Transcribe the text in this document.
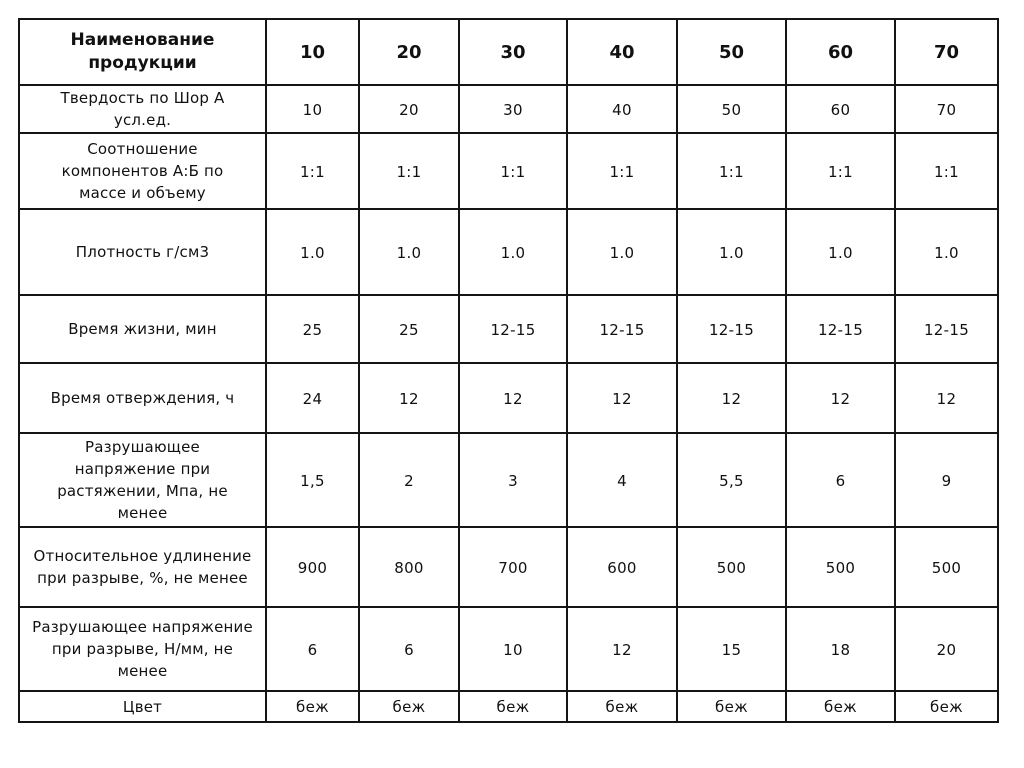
Наименование продукции	10	20	30	40	50	60	70
Твердость по Шор А усл.ед.	10	20	30	40	50	60	70
Соотношение компонентов А:Б по массе и объему	1:1	1:1	1:1	1:1	1:1	1:1	1:1
Плотность г/см3	1.0	1.0	1.0	1.0	1.0	1.0	1.0
Время жизни, мин	25	25	12-15	12-15	12-15	12-15	12-15
Время отверждения, ч	24	12	12	12	12	12	12
Разрушающее напряжение при растяжении, Мпа, не менее	1,5	2	3	4	5,5	6	9
Относительное удлинение при разрыве, %, не менее	900	800	700	600	500	500	500
Разрушающее напряжение при разрыве, Н/мм, не менее	6	6	10	12	15	18	20
Цвет	беж	беж	беж	беж	беж	беж	беж
